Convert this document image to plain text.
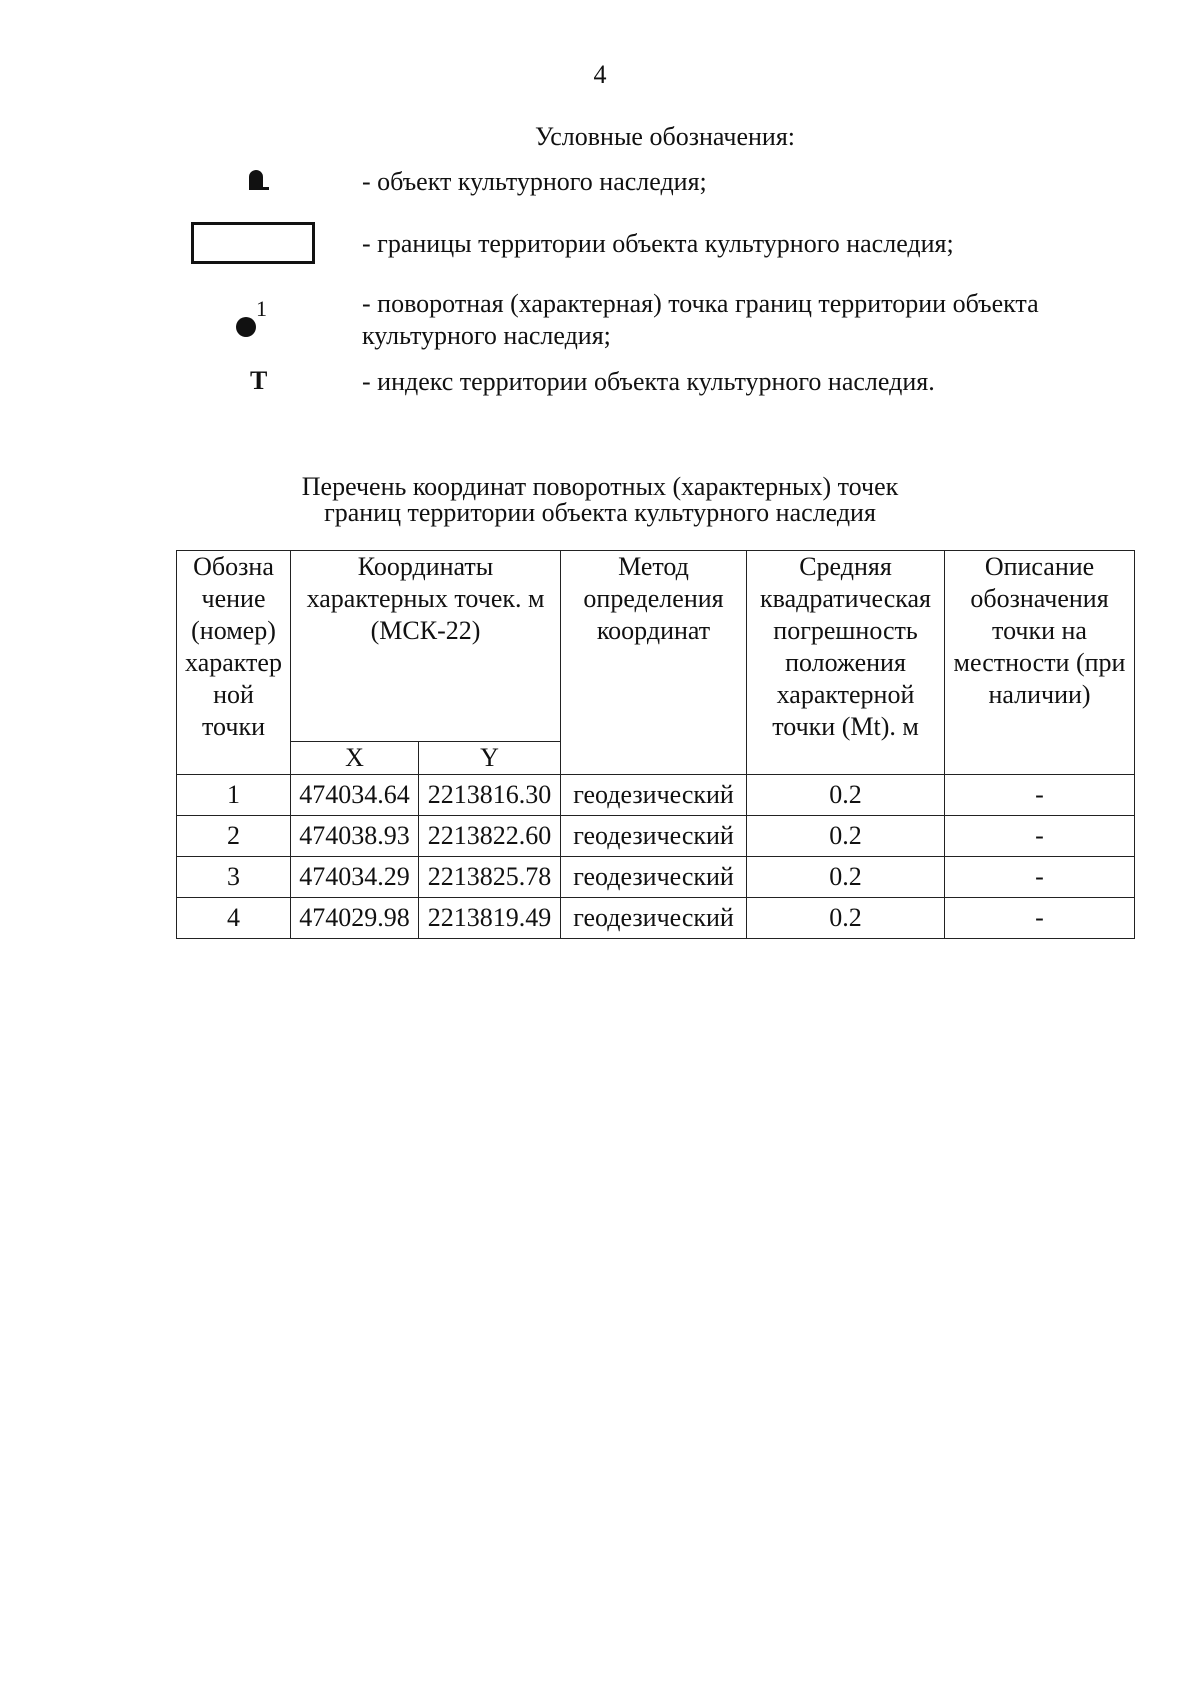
4
Условные обозначения:
- объект культурного наследия;
- границы территории объекта культурного наследия;
1	- поворотная (характерная) точка границ территории объекта культурного наследия;
Т	- индекс территории объекта культурного наследия.
Перечень координат поворотных (характерных) точек
границ территории объекта культурного наследия
Обозна чение (номер) характер ной точки	Координаты характерных точек. м (МСК-22)		Метод определения координат	Средняя квадратическая погрешность положения характерной точки (Mt). м	Описание обозначения точки на местности (при наличии)
	X	Y			
1	474034.64	2213816.30	геодезический	0.2	-
2	474038.93	2213822.60	геодезический	0.2	-
3	474034.29	2213825.78	геодезический	0.2	-
4	474029.98	2213819.49	геодезический	0.2	-
